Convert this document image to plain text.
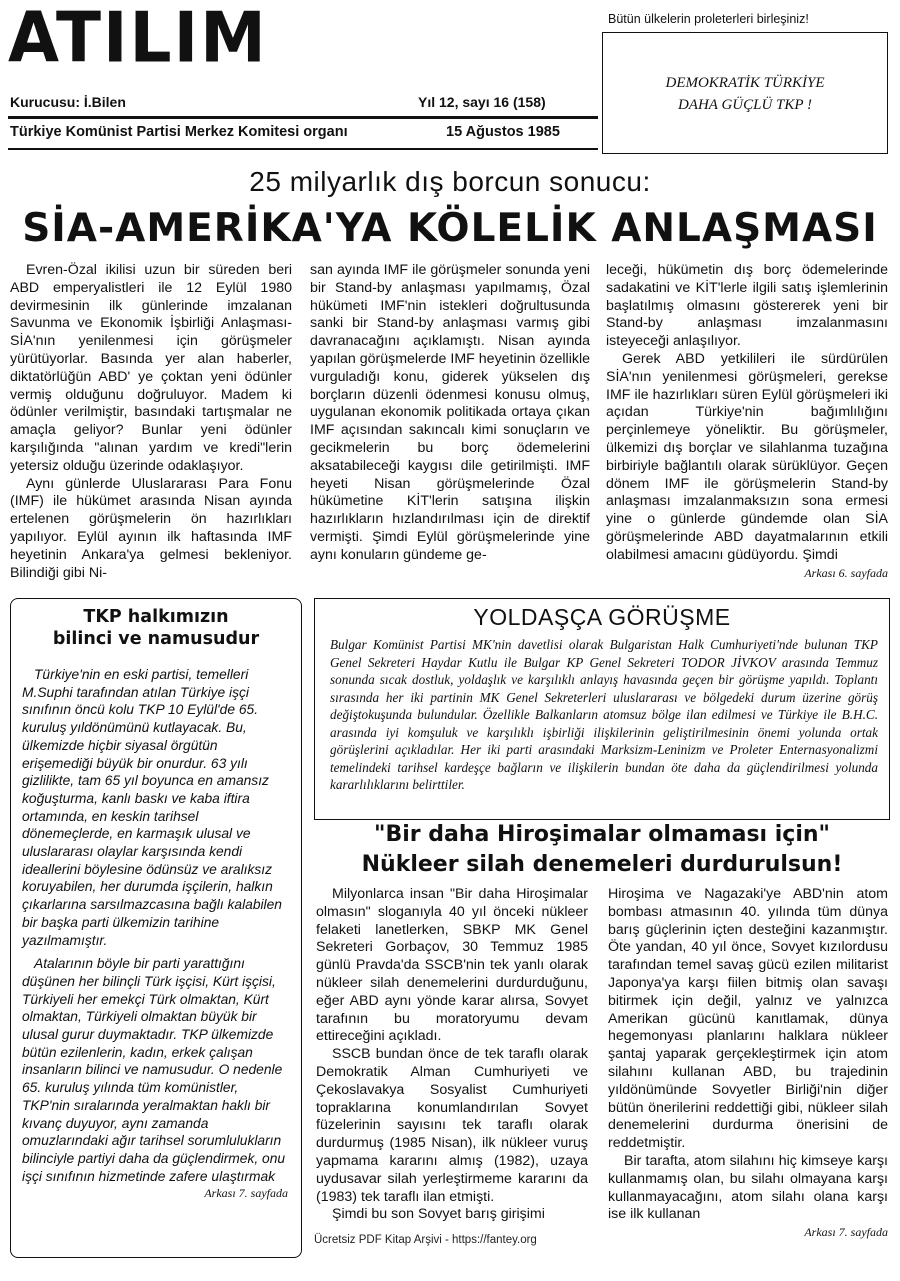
ATILIM
Kurucusu: İ.Bilen	Yıl 12, sayı 16 (158)
Türkiye Komünist Partisi Merkez Komitesi organı	15 Ağustos 1985
Bütün ülkelerin proleterleri birleşiniz!
DEMOKRATİK TÜRKİYE
DAHA GÜÇLÜ TKP !
25 milyarlık dış borcun sonucu:
SİA-AMERİKA'YA KÖLELİK ANLAŞMASI

Evren-Özal ikilisi uzun bir süreden beri ABD emperyalistleri ile 12 Eylül 1980 devirmesinin ilk günlerinde imzalanan Savunma ve Ekonomik İşbirliği Anlaşması-SİA'nın yenilenmesi için görüşmeler yürütüyorlar. Basında yer alan haberler, diktatörlüğün ABD' ye çoktan yeni ödünler vermiş olduğunu doğruluyor. Madem ki ödünler verilmiştir, basındaki tartışmalar ne amaçla geliyor? Bunlar yeni ödünler karşılığında "alınan yardım ve kredi"lerin yetersiz olduğu üzerinde odaklaşıyor.

Aynı günlerde Uluslararası Para Fonu (IMF) ile hükümet arasında Nisan ayında ertelenen görüşmelerin ön hazırlıkları yapılıyor. Eylül ayının ilk haftasında IMF heyetinin Ankara'ya gelmesi bekleniyor. Bilindiği gibi Ni-

san ayında IMF ile görüşmeler sonunda yeni bir Stand-by anlaşması yapılmamış, Özal hükümeti IMF'nin istekleri doğrultusunda sanki bir Stand-by anlaşması varmış gibi davranacağını açıklamıştı. Nisan ayında yapılan görüşmelerde IMF heyetinin özellikle vurguladığı konu, giderek yükselen dış borçların düzenli ödenmesi konusu olmuş, uygulanan ekonomik politikada ortaya çıkan IMF açısından sakıncalı kimi sonuçların ve gecikmelerin bu borç ödemelerini aksatabileceği kaygısı dile getirilmişti. IMF heyeti Nisan görüşmelerinde Özal hükümetine KİT'lerin satışına ilişkin hazırlıkların hızlandırılması için de direktif vermişti. Şimdi Eylül görüşmelerinde yine aynı konuların gündeme ge-

leceği, hükümetin dış borç ödemelerinde sadakatini ve KİT'lerle ilgili satış işlemlerinin başlatılmış olmasını göstererek yeni bir Stand-by anlaşması imzalanmasını isteyeceği anlaşılıyor.

Gerek ABD yetkilileri ile sürdürülen SİA'nın yenilenmesi görüşmeleri, gerekse IMF ile hazırlıkları süren Eylül görüşmeleri iki açıdan Türkiye'nin bağımlılığını perçinlemeye yöneliktir. Bu görüşmeler, ülkemizi dış borçlar ve silahlanma tuzağına birbiriyle bağlantılı olarak sürüklüyor. Geçen dönem IMF ile görüşmelerin Stand-by anlaşması imzalanmaksızın sona ermesi yine o günlerde gündemde olan SİA görüşmelerinde ABD dayatmalarının etkili olabilmesi amacını güdüyordu. Şimdi

Arkası 6. sayfada
TKP halkımızın
bilinci ve namusudur

Türkiye'nin en eski partisi, temelleri M.Suphi tarafından atılan Türkiye işçi sınıfının öncü kolu TKP 10 Eylül'de 65. kuruluş yıldönümünü kutlayacak. Bu, ülkemizde hiçbir siyasal örgütün erişemediği büyük bir onurdur. 63 yılı gizlilikte, tam 65 yıl boyunca en amansız koğuşturma, kanlı baskı ve kaba iftira ortamında, en keskin tarihsel dönemeçlerde, en karmaşık ulusal ve uluslararası olaylar karşısında kendi ideallerini böylesine ödünsüz ve aralıksız koruyabilen, her durumda işçilerin, halkın çıkarlarına sarsılmazcasına bağlı kalabilen bir başka parti ülkemizin tarihine yazılmamıştır.

Atalarının böyle bir parti yarattığını düşünen her bilinçli Türk işçisi, Kürt işçisi, Türkiyeli her emekçi Türk olmaktan, Kürt olmaktan, Türkiyeli olmaktan büyük bir ulusal gurur duymaktadır. TKP ülkemizde bütün ezilenlerin, kadın, erkek çalışan insanların bilinci ve namusudur. O nedenle 65. kuruluş yılında tüm komünistler, TKP'nin sıralarında yeralmaktan haklı bir kıvanç duyuyor, aynı zamanda omuzlarındaki ağır tarihsel sorumlulukların bilinciyle partiyi daha da güçlendirmek, onu işçi sınıfının hizmetinde zafere ulaştırmak

Arkası 7. sayfada
YOLDAŞÇA GÖRÜŞME
Bulgar Komünist Partisi MK'nin davetlisi olarak Bulgaristan Halk Cumhuriyeti'nde bulunan TKP Genel Sekreteri Haydar Kutlu ile Bulgar KP Genel Sekreteri TODOR JİVKOV arasında Temmuz sonunda sıcak dostluk, yoldaşlık ve karşılıklı anlayış havasında geçen bir görüşme yapıldı. Toplantı sırasında her iki partinin MK Genel Sekreterleri uluslararası ve bölgedeki durum üzerine görüş değiştokuşunda bulundular. Özellikle Balkanların atomsuz bölge ilan edilmesi ve Türkiye ile B.H.C. arasında iyi komşuluk ve karşılıklı işbirliği ilişkilerinin geliştirilmesinin önemi yolunda ortak görüşlerini açıkladılar. Her iki parti arasındaki Marksizm-Leninizm ve Proleter Enternasyonalizmi temelindeki tarihsel kardeşçe bağların ve ilişkilerin bundan öte daha da güçlendirilmesi yolunda kararlılıklarını belirttiler.
"Bir daha Hiroşimalar olmaması için"
Nükleer silah denemeleri durdurulsun!

Milyonlarca insan "Bir daha Hiroşimalar olmasın" sloganıyla 40 yıl önceki nükleer felaketi lanetlerken, SBKP MK Genel Sekreteri Gorbaçov, 30 Temmuz 1985 günlü Pravda'da SSCB'nin tek yanlı olarak nükleer silah denemelerini durdurduğunu, eğer ABD aynı yönde karar alırsa, Sovyet tarafının bu moratoryumu devam ettireceğini açıkladı.

SSCB bundan önce de tek taraflı olarak Demokratik Alman Cumhuriyeti ve Çekoslavakya Sosyalist Cumhuriyeti topraklarına konumlandırılan Sovyet füzelerinin sayısını tek taraflı olarak durdurmuş (1985 Nisan), ilk nükleer vuruş yapmama kararını almış (1982), uzaya uydusavar silah yerleştirmeme kararını da (1983) tek taraflı ilan etmişti.

Şimdi bu son Sovyet barış girişimi

Hiroşima ve Nagazaki'ye ABD'nin atom bombası atmasının 40. yılında tüm dünya barış güçlerinin içten desteğini kazanmıştır. Öte yandan, 40 yıl önce, Sovyet kızılordusu tarafından temel savaş gücü ezilen militarist Japonya'ya karşı fiilen bitmiş olan savaşı bitirmek için değil, yalnız ve yalnızca Amerikan gücünü kanıtlamak, dünya hegemonyası planlarını halklara nükleer şantaj yaparak gerçekleştirmek için atom silahını kullanan ABD, bu trajedinin yıldönümünde Sovyetler Birliği'nin diğer bütün önerilerini reddettiği gibi, nükleer silah denemelerini durdurma önerisini de reddetmiştir.

Bir tarafta, atom silahını hiç kimseye karşı kullanmamış olan, bu silahı olmayana karşı kullanmayacağını, atom silahı olana karşı ise ilk kullanan

Arkası 7. sayfada
Ücretsiz PDF Kitap Arşivi - https://fantey.org
